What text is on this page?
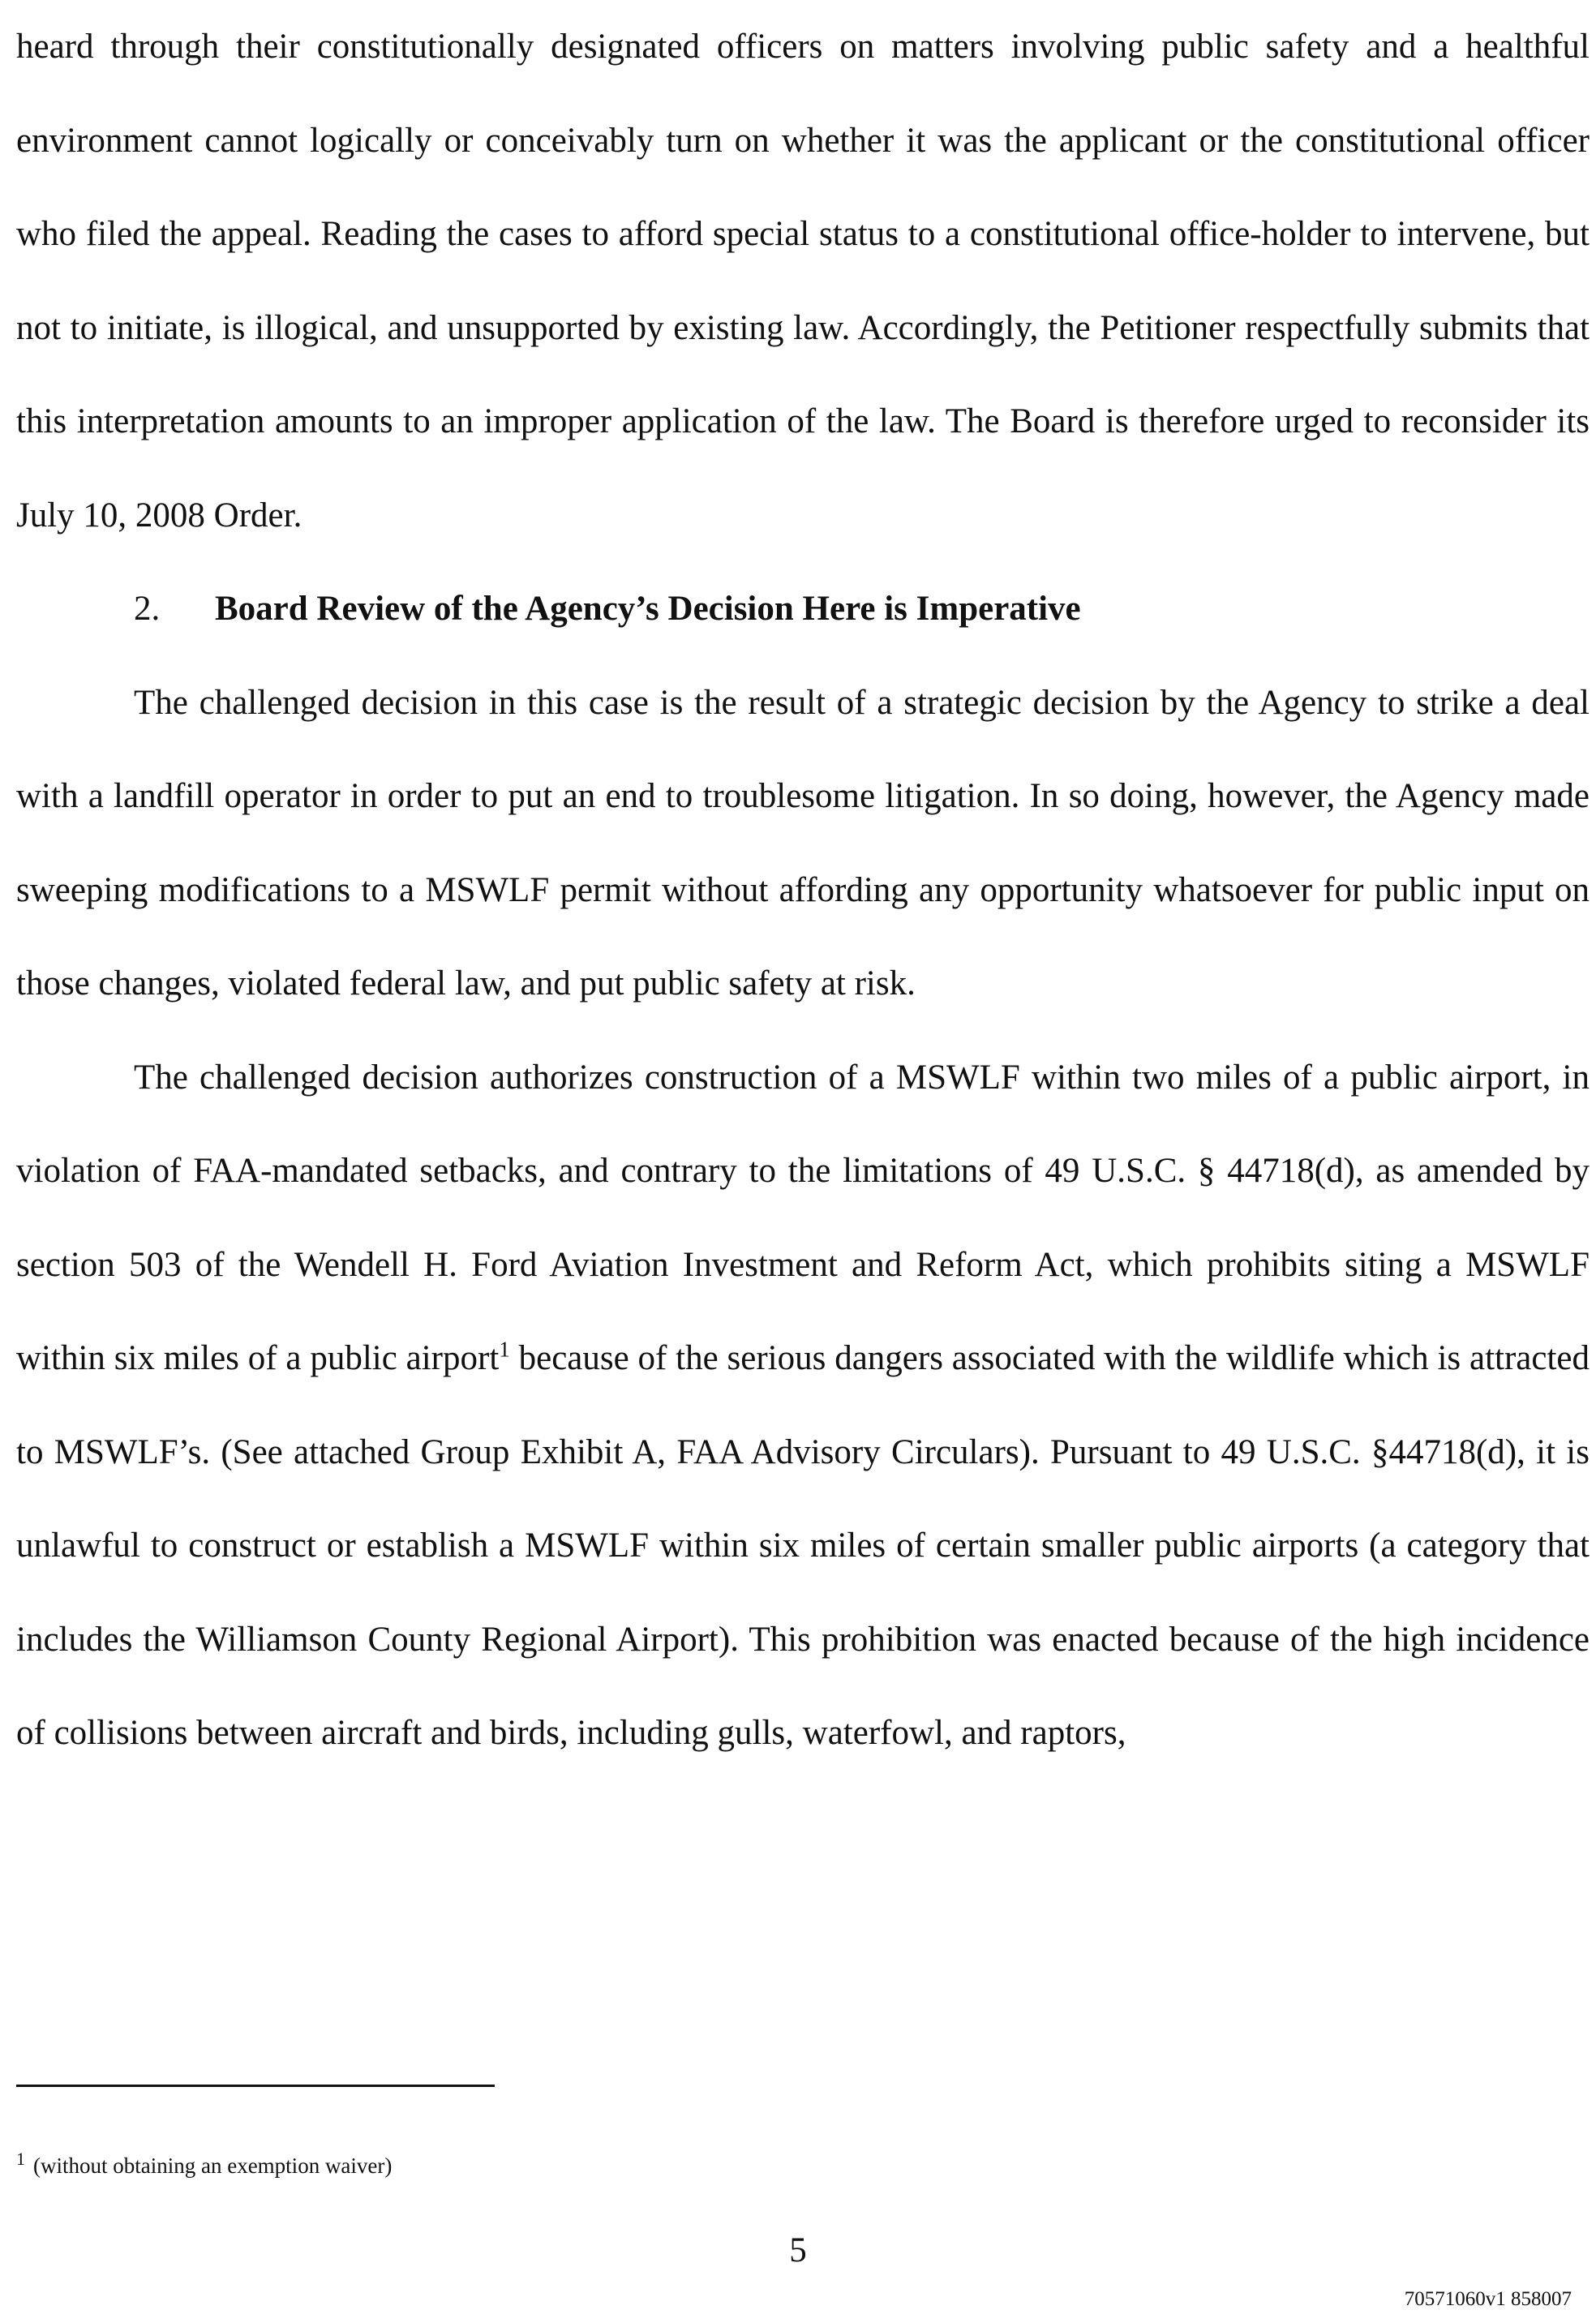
heard through their constitutionally designated officers on matters involving public safety and a healthful environment cannot logically or conceivably turn on whether it was the applicant or the constitutional officer who filed the appeal. Reading the cases to afford special status to a constitutional office-holder to intervene, but not to initiate, is illogical, and unsupported by existing law. Accordingly, the Petitioner respectfully submits that this interpretation amounts to an improper application of the law. The Board is therefore urged to reconsider its July 10, 2008 Order.

2. Board Review of the Agency’s Decision Here is Imperative

The challenged decision in this case is the result of a strategic decision by the Agency to strike a deal with a landfill operator in order to put an end to troublesome litigation. In so doing, however, the Agency made sweeping modifications to a MSWLF permit without affording any opportunity whatsoever for public input on those changes, violated federal law, and put public safety at risk.

The challenged decision authorizes construction of a MSWLF within two miles of a public airport, in violation of FAA-mandated setbacks, and contrary to the limitations of 49 U.S.C. § 44718(d), as amended by section 503 of the Wendell H. Ford Aviation Investment and Reform Act, which prohibits siting a MSWLF within six miles of a public airport$^1$ because of the serious dangers associated with the wildlife which is attracted to MSWLF’s. (See attached Group Exhibit A, FAA Advisory Circulars). Pursuant to 49 U.S.C. §44718(d), it is unlawful to construct or establish a MSWLF within six miles of certain smaller public airports (a category that includes the Williamson County Regional Airport). This prohibition was enacted because of the high incidence of collisions between aircraft and birds, including gulls, waterfowl, and raptors,

$^1$ (without obtaining an exemption waiver)
5
70571060v1 858007
